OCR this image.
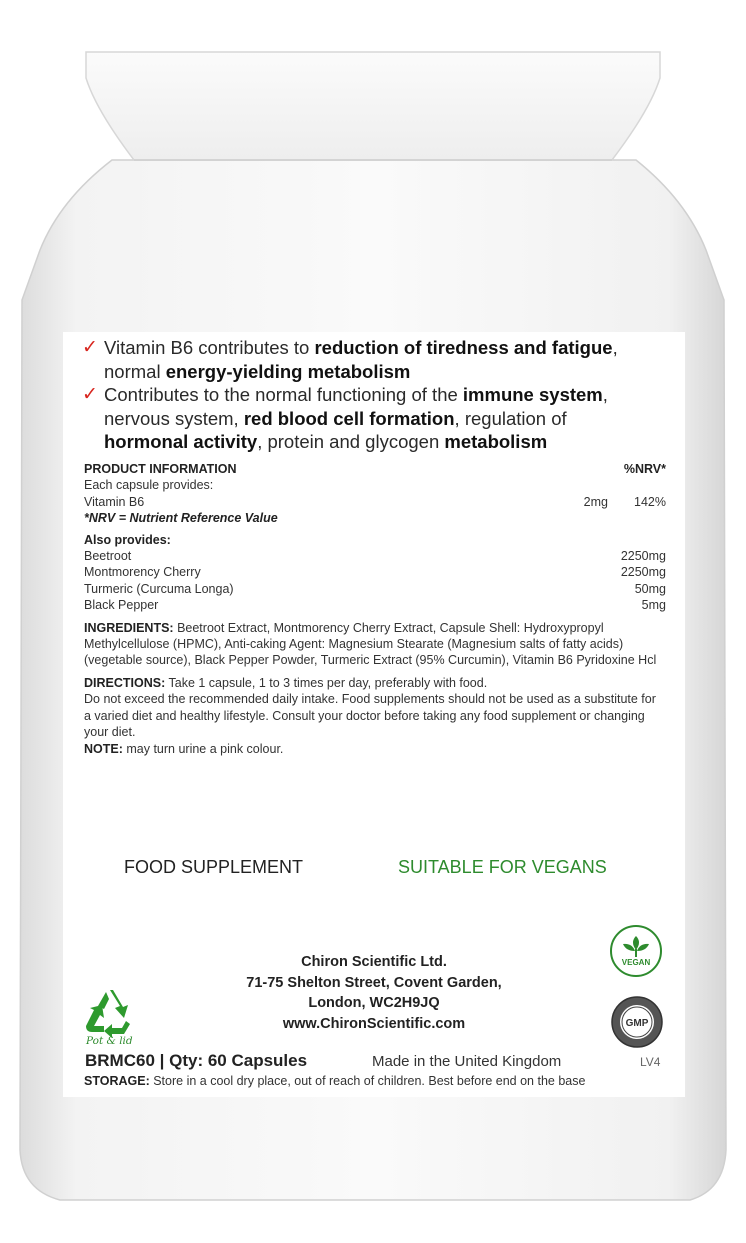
✓ Vitamin B6 contributes to reduction of tiredness and fatigue,
normal energy-yielding metabolism
✓ Contributes to the normal functioning of the immune system,
nervous system, red blood cell formation, regulation of
hormonal activity, protein and glycogen metabolism
PRODUCT INFORMATION	%NRV*
Each capsule provides:
Vitamin B6	2mg	142%
*NRV = Nutrient Reference Value
Also provides:
Beetroot	2250mg
Montmorency Cherry	2250mg
Turmeric (Curcuma Longa)	50mg
Black Pepper	5mg
INGREDIENTS: Beetroot Extract, Montmorency Cherry Extract, Capsule Shell: Hydroxypropyl Methylcellulose (HPMC), Anti-caking Agent: Magnesium Stearate (Magnesium salts of fatty acids) (vegetable source), Black Pepper Powder, Turmeric Extract (95% Curcumin), Vitamin B6 Pyridoxine Hcl
DIRECTIONS: Take 1 capsule, 1 to 3 times per day, preferably with food.
Do not exceed the recommended daily intake. Food supplements should not be used as a substitute for a varied diet and healthy lifestyle. Consult your doctor before taking any food supplement or changing your diet.
NOTE: may turn urine a pink colour.
FOOD SUPPLEMENT	SUITABLE FOR VEGANS
Chiron Scientific Ltd.
71-75 Shelton Street, Covent Garden,
London, WC2H9JQ
www.ChironScientific.com
Pot & lid
VEGAN
GMP
BRMC60 | Qty: 60 Capsules	Made in the United Kingdom	LV4
STORAGE: Store in a cool dry place, out of reach of children. Best before end on the base
